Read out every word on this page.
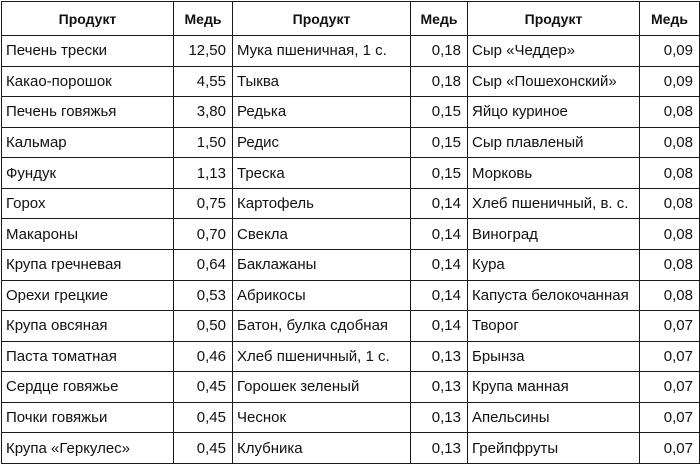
Продукт	Медь	Продукт	Медь	Продукт	Медь
Печень трески	12,50	Мука пшеничная, 1 с.	0,18	Сыр «Чеддер»	0,09
Какао-порошок	4,55	Тыква	0,18	Сыр «Пошехонский»	0,09
Печень говяжья	3,80	Редька	0,15	Яйцо куриное	0,08
Кальмар	1,50	Редис	0,15	Сыр плавленый	0,08
Фундук	1,13	Треска	0,15	Морковь	0,08
Горох	0,75	Картофель	0,14	Хлеб пшеничный, в. с.	0,08
Макароны	0,70	Свекла	0,14	Виноград	0,08
Крупа гречневая	0,64	Баклажаны	0,14	Кура	0,08
Орехи грецкие	0,53	Абрикосы	0,14	Капуста белокочанная	0,08
Крупа овсяная	0,50	Батон, булка сдобная	0,14	Творог	0,07
Паста томатная	0,46	Хлеб пшеничный, 1 с.	0,13	Брынза	0,07
Сердце говяжье	0,45	Горошек зеленый	0,13	Крупа манная	0,07
Почки говяжьи	0,45	Чеснок	0,13	Апельсины	0,07
Крупа «Геркулес»	0,45	Клубника	0,13	Грейпфруты	0,07
